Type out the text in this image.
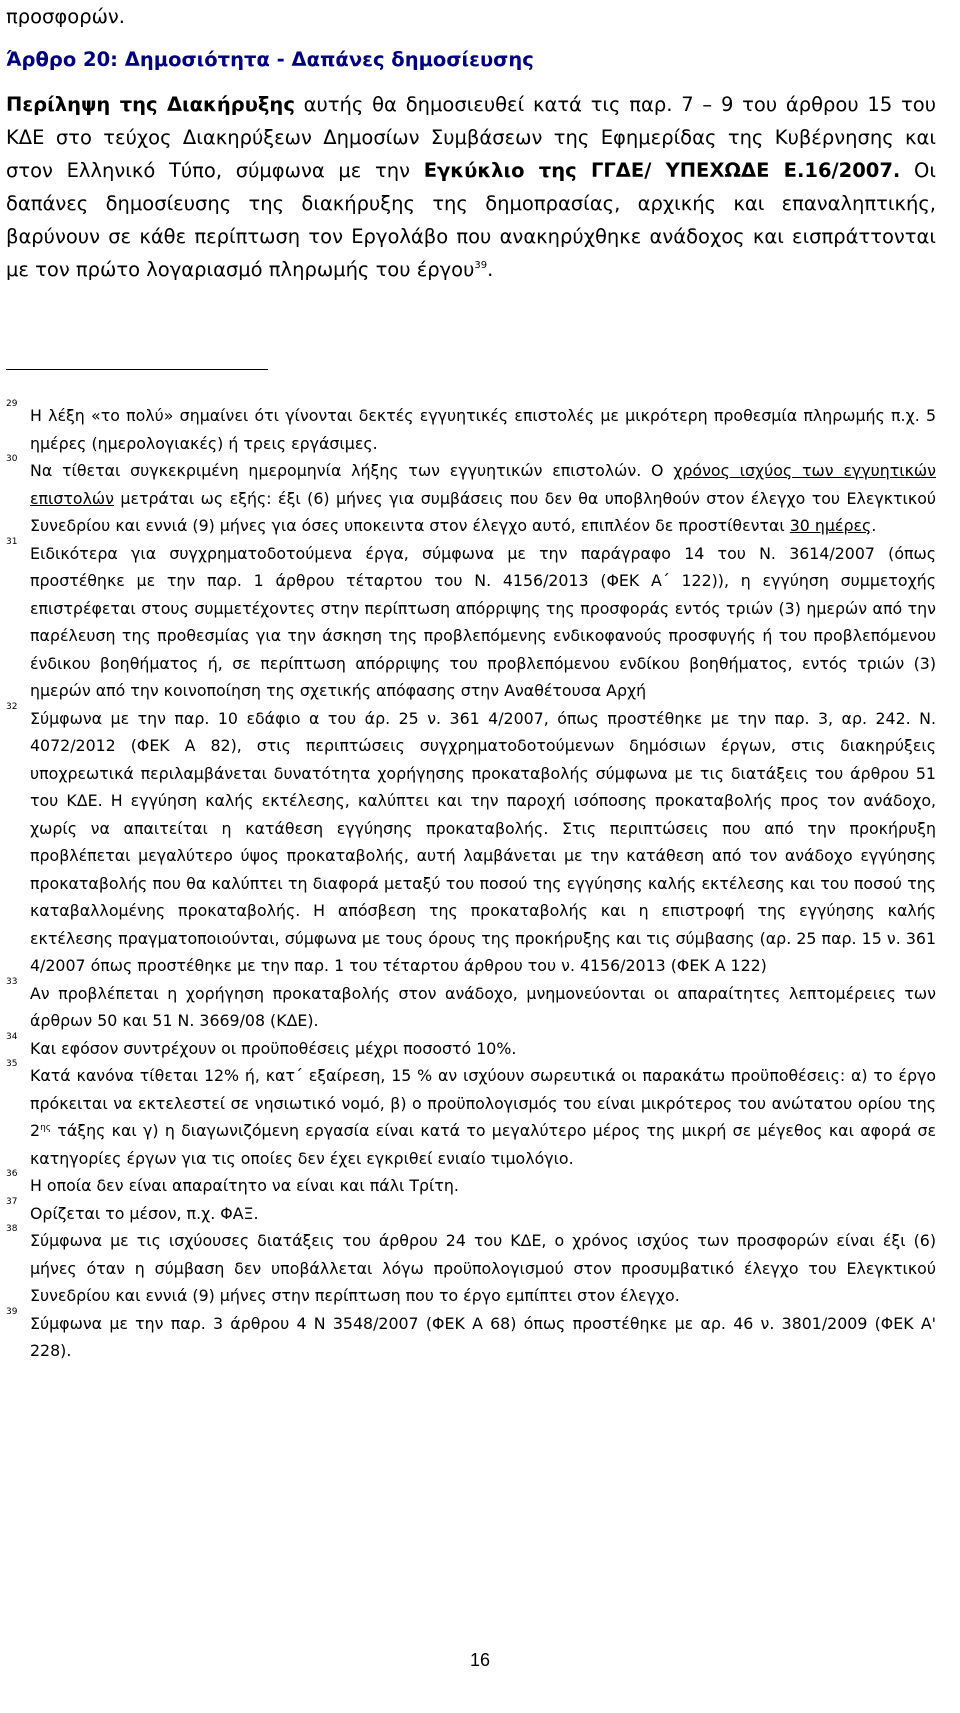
προσφορών.

Άρθρο 20: Δημοσιότητα - Δαπάνες δημοσίευσης

Περίληψη της Διακήρυξης αυτής θα δημοσιευθεί κατά τις παρ. 7 – 9 του άρθρου 15 του ΚΔΕ στο τεύχος Διακηρύξεων Δημοσίων Συμβάσεων της Εφημερίδας της Κυβέρνησης και στον Ελληνικό Τύπο, σύμφωνα με την Εγκύκλιο της ΓΓΔΕ/ ΥΠΕΧΩΔΕ Ε.16/2007. Οι δαπάνες δημοσίευσης της διακήρυξης της δημοπρασίας, αρχικής και επαναληπτικής, βαρύνουν σε κάθε περίπτωση τον Εργολάβο που ανακηρύχθηκε ανάδοχος και εισπράττονται με τον πρώτο λογαριασμό πληρωμής του έργου$^{39}$.

29
Η λέξη «το πολύ» σημαίνει ότι γίνονται δεκτές εγγυητικές επιστολές με μικρότερη προθεσμία πληρωμής π.χ. 5 ημέρες (ημερολογιακές) ή τρεις εργάσιμες.
30
Να τίθεται συγκεκριμένη ημερομηνία λήξης των εγγυητικών επιστολών. Ο χρόνος ισχύος των εγγυητικών επιστολών μετράται ως εξής: έξι (6) μήνες για συμβάσεις που δεν θα υποβληθούν στον έλεγχο του Ελεγκτικού Συνεδρίου και εννιά (9) μήνες για όσες υποκειντα στον έλεγχο αυτό, επιπλέον δε προστίθενται 30 ημέρες.
31
Ειδικότερα για συγχρηματοδοτούμενα έργα, σύμφωνα με την παράγραφο 14 του Ν. 3614/2007 (όπως προστέθηκε με την παρ. 1 άρθρου τέταρτου του Ν. 4156/2013 (ΦΕΚ Α΄ 122)), η εγγύηση συμμετοχής επιστρέφεται στους συμμετέχοντες στην περίπτωση απόρριψης της προσφοράς εντός τριών (3) ημερών από την παρέλευση της προθεσμίας για την άσκηση της προβλεπόμενης ενδικοφανούς προσφυγής ή του προβλεπόμενου ένδικου βοηθήματος ή, σε περίπτωση απόρριψης του προβλεπόμενου ενδίκου βοηθήματος, εντός τριών (3) ημερών από την κοινοποίηση της σχετικής απόφασης στην Αναθέτουσα Αρχή
32
Σύμφωνα με την παρ. 10 εδάφιο α του άρ. 25 ν. 361 4/2007, όπως προστέθηκε με την παρ. 3, αρ. 242. Ν. 4072/2012 (ΦΕΚ Α 82), στις περιπτώσεις συγχρηματοδοτούμενων δημόσιων έργων, στις διακηρύξεις υποχρεωτικά περιλαμβάνεται δυνατότητα χορήγησης προκαταβολής σύμφωνα με τις διατάξεις του άρθρου 51 του ΚΔΕ. Η εγγύηση καλής εκτέλεσης, καλύπτει και την παροχή ισόποσης προκαταβολής προς τον ανάδοχο, χωρίς να απαιτείται η κατάθεση εγγύησης προκαταβολής. Στις περιπτώσεις που από την προκήρυξη προβλέπεται μεγαλύτερο ύψος προκαταβολής, αυτή λαμβάνεται με την κατάθεση από τον ανάδοχο εγγύησης προκαταβολής που θα καλύπτει τη διαφορά μεταξύ του ποσού της εγγύησης καλής εκτέλεσης και του ποσού της καταβαλλομένης προκαταβολής. Η απόσβεση της προκαταβολής και η επιστροφή της εγγύησης καλής εκτέλεσης πραγματοποιούνται, σύμφωνα με τους όρους της προκήρυξης και τις σύμβασης (αρ. 25 παρ. 15 ν. 361 4/2007 όπως προστέθηκε με την παρ. 1 του τέταρτου άρθρου του ν. 4156/2013 (ΦΕΚ Α 122)
33
Αν προβλέπεται η χορήγηση προκαταβολής στον ανάδοχο, μνημονεύονται οι απαραίτητες λεπτομέρειες των άρθρων 50 και 51 Ν. 3669/08 (ΚΔΕ).
34
Και εφόσον συντρέχουν οι προϋποθέσεις μέχρι ποσοστό 10%.
35
Κατά κανόνα τίθεται 12% ή, κατ΄ εξαίρεση, 15 % αν ισχύουν σωρευτικά οι παρακάτω προϋποθέσεις: α) το έργο πρόκειται να εκτελεστεί σε νησιωτικό νομό, β) ο προϋπολογισμός του είναι μικρότερος του ανώτατου ορίου της $2^{\eta\varsigma}$ τάξης και γ) η διαγωνιζόμενη εργασία είναι κατά το μεγαλύτερο μέρος της μικρή σε μέγεθος και αφορά σε κατηγορίες έργων για τις οποίες δεν έχει εγκριθεί ενιαίο τιμολόγιο.
36
Η οποία δεν είναι απαραίτητο να είναι και πάλι Τρίτη.
37
Ορίζεται το μέσον, π.χ. ΦΑΞ.
38
Σύμφωνα με τις ισχύουσες διατάξεις του άρθρου 24 του ΚΔΕ, ο χρόνος ισχύος των προσφορών είναι έξι (6) μήνες όταν η σύμβαση δεν υποβάλλεται λόγω προϋπολογισμού στον προσυμβατικό έλεγχο του Ελεγκτικού Συνεδρίου και εννιά (9) μήνες στην περίπτωση που το έργο εμπίπτει στον έλεγχο.
39
Σύμφωνα με την παρ. 3 άρθρου 4 Ν 3548/2007 (ΦΕΚ Α 68) όπως προστέθηκε με αρ. 46 ν. 3801/2009 (ΦΕΚ Α' 228).
16
